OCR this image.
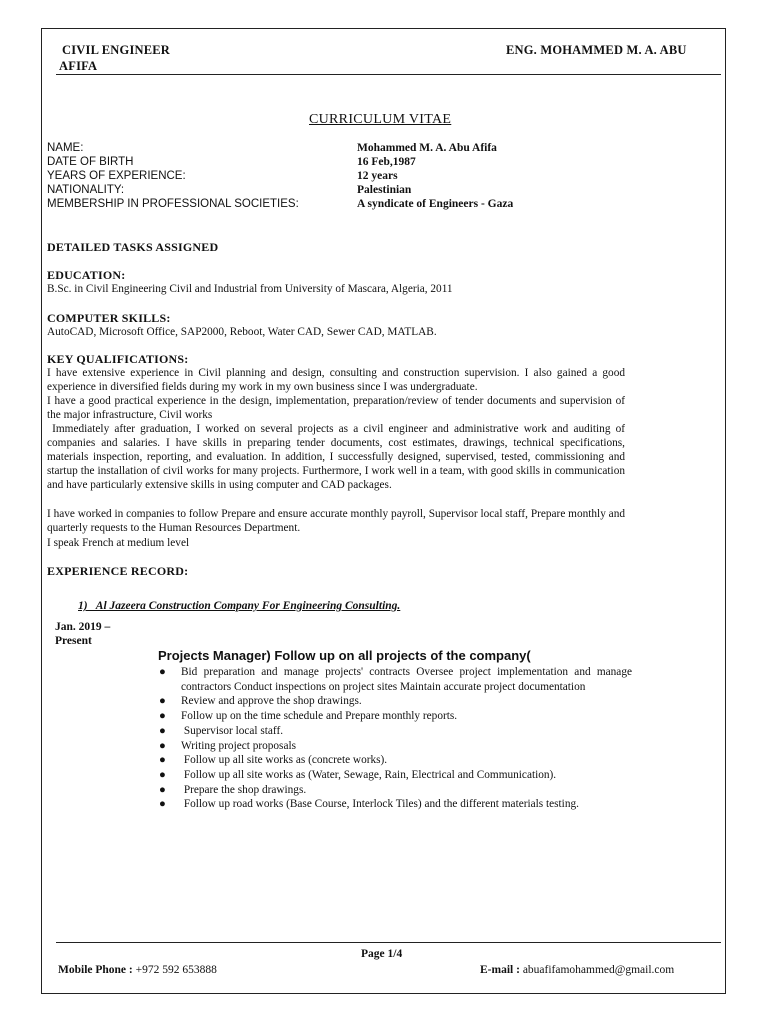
CIVIL ENGINEER	ENG. MOHAMMED M. A. ABU
AFIFA
CURRICULUM VITAE
NAME:	Mohammed M. A. Abu Afifa
DATE OF BIRTH	16 Feb,1987
YEARS OF EXPERIENCE:	12 years
NATIONALITY:	Palestinian
MEMBERSHIP IN PROFESSIONAL SOCIETIES:	A syndicate of Engineers - Gaza
DETAILED TASKS ASSIGNED
EDUCATION:
B.Sc. in Civil Engineering Civil and Industrial from University of Mascara, Algeria, 2011
COMPUTER SKILLS:
AutoCAD, Microsoft Office, SAP2000, Reboot, Water CAD, Sewer CAD, MATLAB.
KEY QUALIFICATIONS:
I have extensive experience in Civil planning and design, consulting and construction supervision. I also gained a good experience in diversified fields during my work in my own business since I was undergraduate.
I have a good practical experience in the design, implementation, preparation/review of tender documents and supervision of the major infrastructure, Civil works
Immediately after graduation, I worked on several projects as a civil engineer and administrative work and auditing of companies and salaries. I have skills in preparing tender documents, cost estimates, drawings, technical specifications, materials inspection, reporting, and evaluation. In addition, I successfully designed, supervised, tested, commissioning and startup the installation of civil works for many projects. Furthermore, I work well in a team, with good skills in communication and have particularly extensive skills in using computer and CAD packages.
I have worked in companies to follow Prepare and ensure accurate monthly payroll, Supervisor local staff, Prepare monthly and quarterly requests to the Human Resources Department.
I speak French at medium level
EXPERIENCE RECORD:
1)   Al Jazeera Construction Company For Engineering Consulting.
Jan. 2019 –
Present
Projects Manager) Follow up on all projects of the company(
● Bid preparation and manage projects' contracts Oversee project implementation and manage contractors Conduct inspections on project sites Maintain accurate project documentation
● Review and approve the shop drawings.
● Follow up on the time schedule and Prepare monthly reports.
● Supervisor local staff.
● Writing project proposals
● Follow up all site works as (concrete works).
● Follow up all site works as (Water, Sewage, Rain, Electrical and Communication).
● Prepare the shop drawings.
● Follow up road works (Base Course, Interlock Tiles) and the different materials testing.
Page 1/4
Mobile Phone : +972 592 653888	E-mail : abuafifamohammed@gmail.com
